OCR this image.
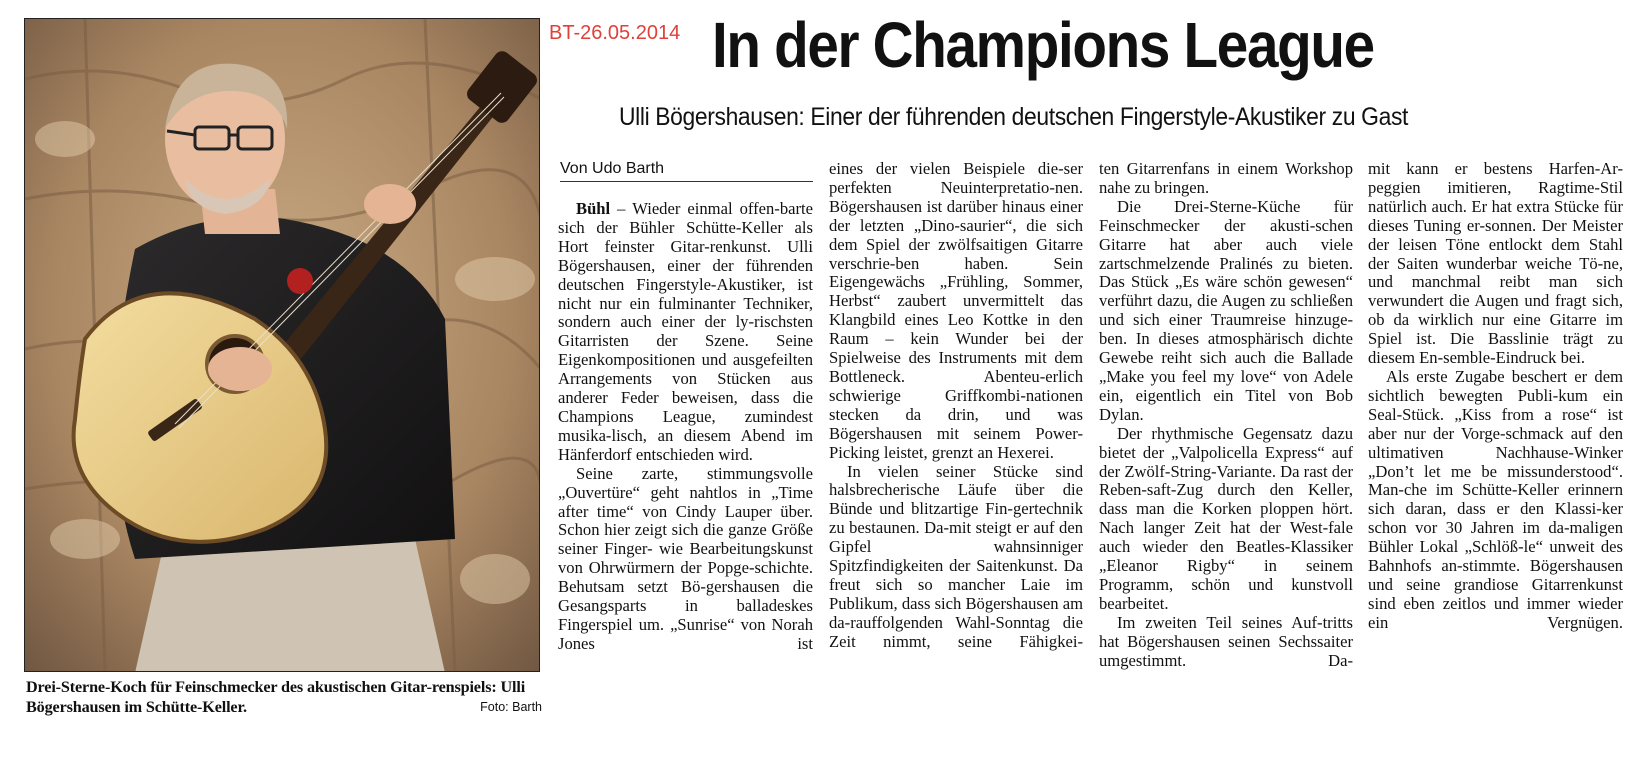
Drei-Sterne-Koch für Feinschmecker des akustischen Gitar-renspiels: Ulli Bögershausen im Schütte-Keller.	Foto: Barth
BT-26.05.2014 In der Champions League
Ulli Bögershausen: Einer der führenden deutschen Fingerstyle-Akustiker zu Gast
Von Udo Barth

Bühl – Wieder einmal offen-barte sich der Bühler Schütte-Keller als Hort feinster Gitar-renkunst. Ulli Bögershausen, einer der führenden deutschen Fingerstyle-Akustiker, ist nicht nur ein fulminanter Techniker, sondern auch einer der ly-rischsten Gitarristen der Szene. Seine Eigenkompositionen und ausgefeilten Arrangements von Stücken aus anderer Feder beweisen, dass die Champions League, zumindest musika-lisch, an diesem Abend im Hänferdorf entschieden wird.

Seine zarte, stimmungsvolle „Ouvertüre“ geht nahtlos in „Time after time“ von Cindy Lauper über. Schon hier zeigt sich die ganze Größe seiner Finger- wie Bearbeitungskunst von Ohrwürmern der Popge-schichte. Behutsam setzt Bö-gershausen die Gesangsparts in balladeskes Fingerspiel um. „Sunrise“ von Norah Jones ist

eines der vielen Beispiele die-ser perfekten Neuinterpretatio-nen. Bögershausen ist darüber hinaus einer der letzten „Dino-saurier“, die sich dem Spiel der zwölfsaitigen Gitarre verschrie-ben haben. Sein Eigengewächs „Frühling, Sommer, Herbst“ zaubert unvermittelt das Klangbild eines Leo Kottke in den Raum – kein Wunder bei der Spielweise des Instruments mit dem Bottleneck. Abenteu-erlich schwierige Griffkombi-nationen stecken da drin, und was Bögershausen mit seinem Power-Picking leistet, grenzt an Hexerei.

In vielen seiner Stücke sind halsbrecherische Läufe über die Bünde und blitzartige Fin-gertechnik zu bestaunen. Da-mit steigt er auf den Gipfel wahnsinniger Spitzfindigkeiten der Saitenkunst. Da freut sich so mancher Laie im Publikum, dass sich Bögershausen am da-rauffolgenden Wahl-Sonntag die Zeit nimmt, seine Fähigkei-

ten Gitarrenfans in einem Workshop nahe zu bringen.

Die Drei-Sterne-Küche für Feinschmecker der akusti-schen Gitarre hat aber auch viele zartschmelzende Pralinés zu bieten. Das Stück „Es wäre schön gewesen“ verführt dazu, die Augen zu schließen und sich einer Traumreise hinzuge-ben. In dieses atmosphärisch dichte Gewebe reiht sich auch die Ballade „Make you feel my love“ von Adele ein, eigentlich ein Titel von Bob Dylan.

Der rhythmische Gegensatz dazu bietet der „Valpolicella Express“ auf der Zwölf-String-Variante. Da rast der Reben-saft-Zug durch den Keller, dass man die Korken ploppen hört. Nach langer Zeit hat der West-fale auch wieder den Beatles-Klassiker „Eleanor Rigby“ in seinem Programm, schön und kunstvoll bearbeitet.

Im zweiten Teil seines Auf-tritts hat Bögershausen seinen Sechssaiter umgestimmt. Da-

mit kann er bestens Harfen-Ar-peggien imitieren, Ragtime-Stil natürlich auch. Er hat extra Stücke für dieses Tuning er-sonnen. Der Meister der leisen Töne entlockt dem Stahl der Saiten wunderbar weiche Tö-ne, und manchmal reibt man sich verwundert die Augen und fragt sich, ob da wirklich nur eine Gitarre im Spiel ist. Die Basslinie trägt zu diesem En-semble-Eindruck bei.

Als erste Zugabe beschert er dem sichtlich bewegten Publi-kum ein Seal-Stück. „Kiss from a rose“ ist aber nur der Vorge-schmack auf den ultimativen Nachhause-Winker „Don’t let me be missunderstood“. Man-che im Schütte-Keller erinnern sich daran, dass er den Klassi-ker schon vor 30 Jahren im da-maligen Bühler Lokal „Schlöß-le“ unweit des Bahnhofs an-stimmte. Bögershausen und seine grandiose Gitarrenkunst sind eben zeitlos und immer wieder ein Vergnügen.
